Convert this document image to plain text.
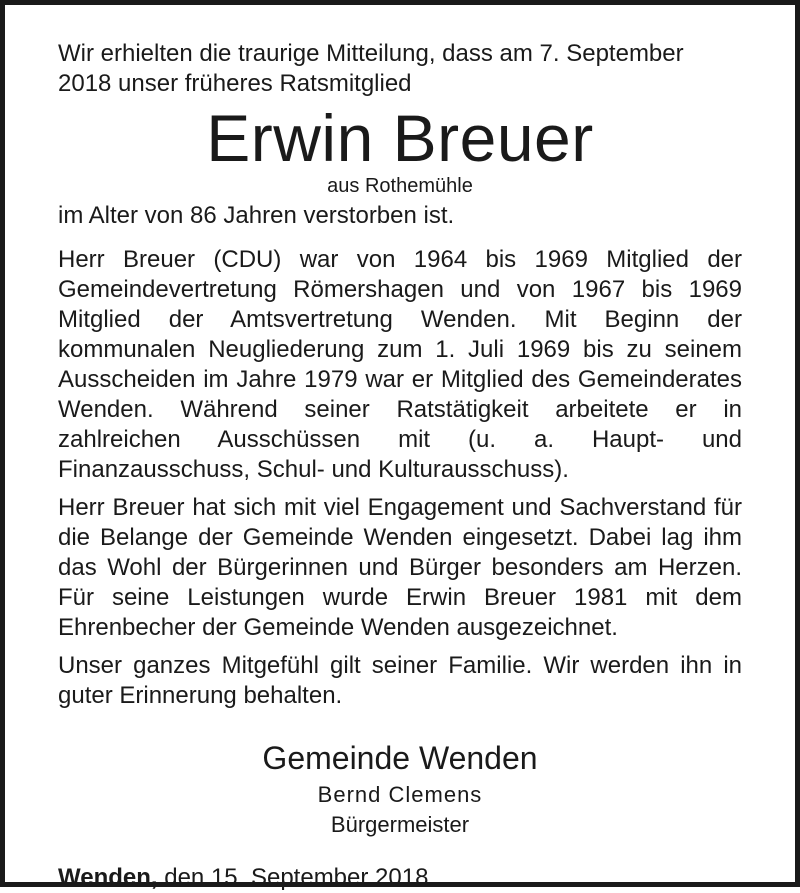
Wir erhielten die traurige Mitteilung, dass am 7. September 2018 unser früheres Ratsmitglied

Erwin Breuer
aus Rothemühle

im Alter von 86 Jahren verstorben ist.

Herr Breuer (CDU) war von 1964 bis 1969 Mitglied der Gemeindevertretung Römershagen und von 1967 bis 1969 Mitglied der Amtsvertretung Wenden. Mit Beginn der kommunalen Neugliederung zum 1. Juli 1969 bis zu seinem Ausscheiden im Jahre 1979 war er Mitglied des Gemeinderates Wenden. Während seiner Ratstätigkeit arbeitete er in zahlreichen Ausschüssen mit (u. a. Haupt- und Finanzausschuss, Schul- und Kulturausschuss).

Herr Breuer hat sich mit viel Engagement und Sachverstand für die Belange der Gemeinde Wenden eingesetzt. Dabei lag ihm das Wohl der Bürgerinnen und Bürger besonders am Herzen. Für seine Leistungen wurde Erwin Breuer 1981 mit dem Ehrenbecher der Gemeinde Wenden ausgezeichnet.

Unser ganzes Mitgefühl gilt seiner Familie. Wir werden ihn in guter Erinnerung behalten.

Gemeinde Wenden
Bernd Clemens
Bürgermeister
Wenden, den 15. September 2018
